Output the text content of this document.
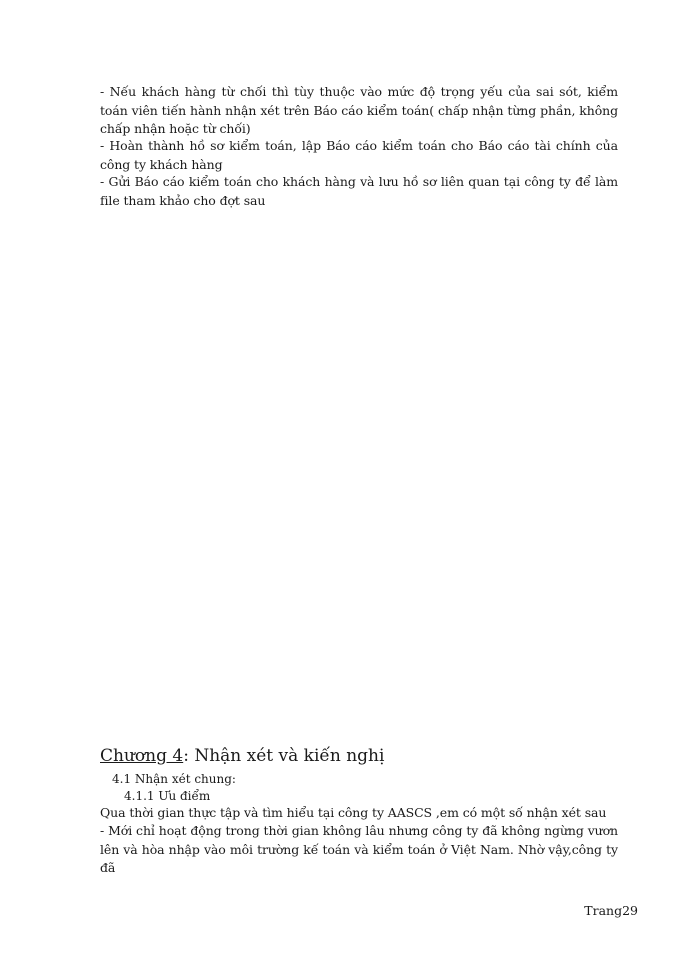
- Nếu khách hàng từ chối thì tùy thuộc vào mức độ trọng yếu của sai sót, kiểm toán viên tiến hành nhận xét trên Báo cáo kiểm toán( chấp nhận từng phần, không chấp nhận hoặc từ chối)

- Hoàn thành hồ sơ kiểm toán, lập Báo cáo kiểm toán cho Báo cáo tài chính của công ty khách hàng

- Gửi Báo cáo kiểm toán cho khách hàng và lưu hồ sơ liên quan tại công ty để làm file tham khảo cho đợt sau

Chương 4: Nhận xét và kiến nghị
4.1 Nhận xét chung:
4.1.1 Ưu điểm

Qua thời gian thực tập và tìm hiểu tại công ty AASCS ,em có một số nhận xét sau

- Mới chỉ hoạt động trong thời gian không lâu nhưng công ty đã không ngừng vươn lên và hòa nhập vào môi trường kế toán và kiểm toán ở Việt Nam. Nhờ vậy,công ty đã

Trang29
